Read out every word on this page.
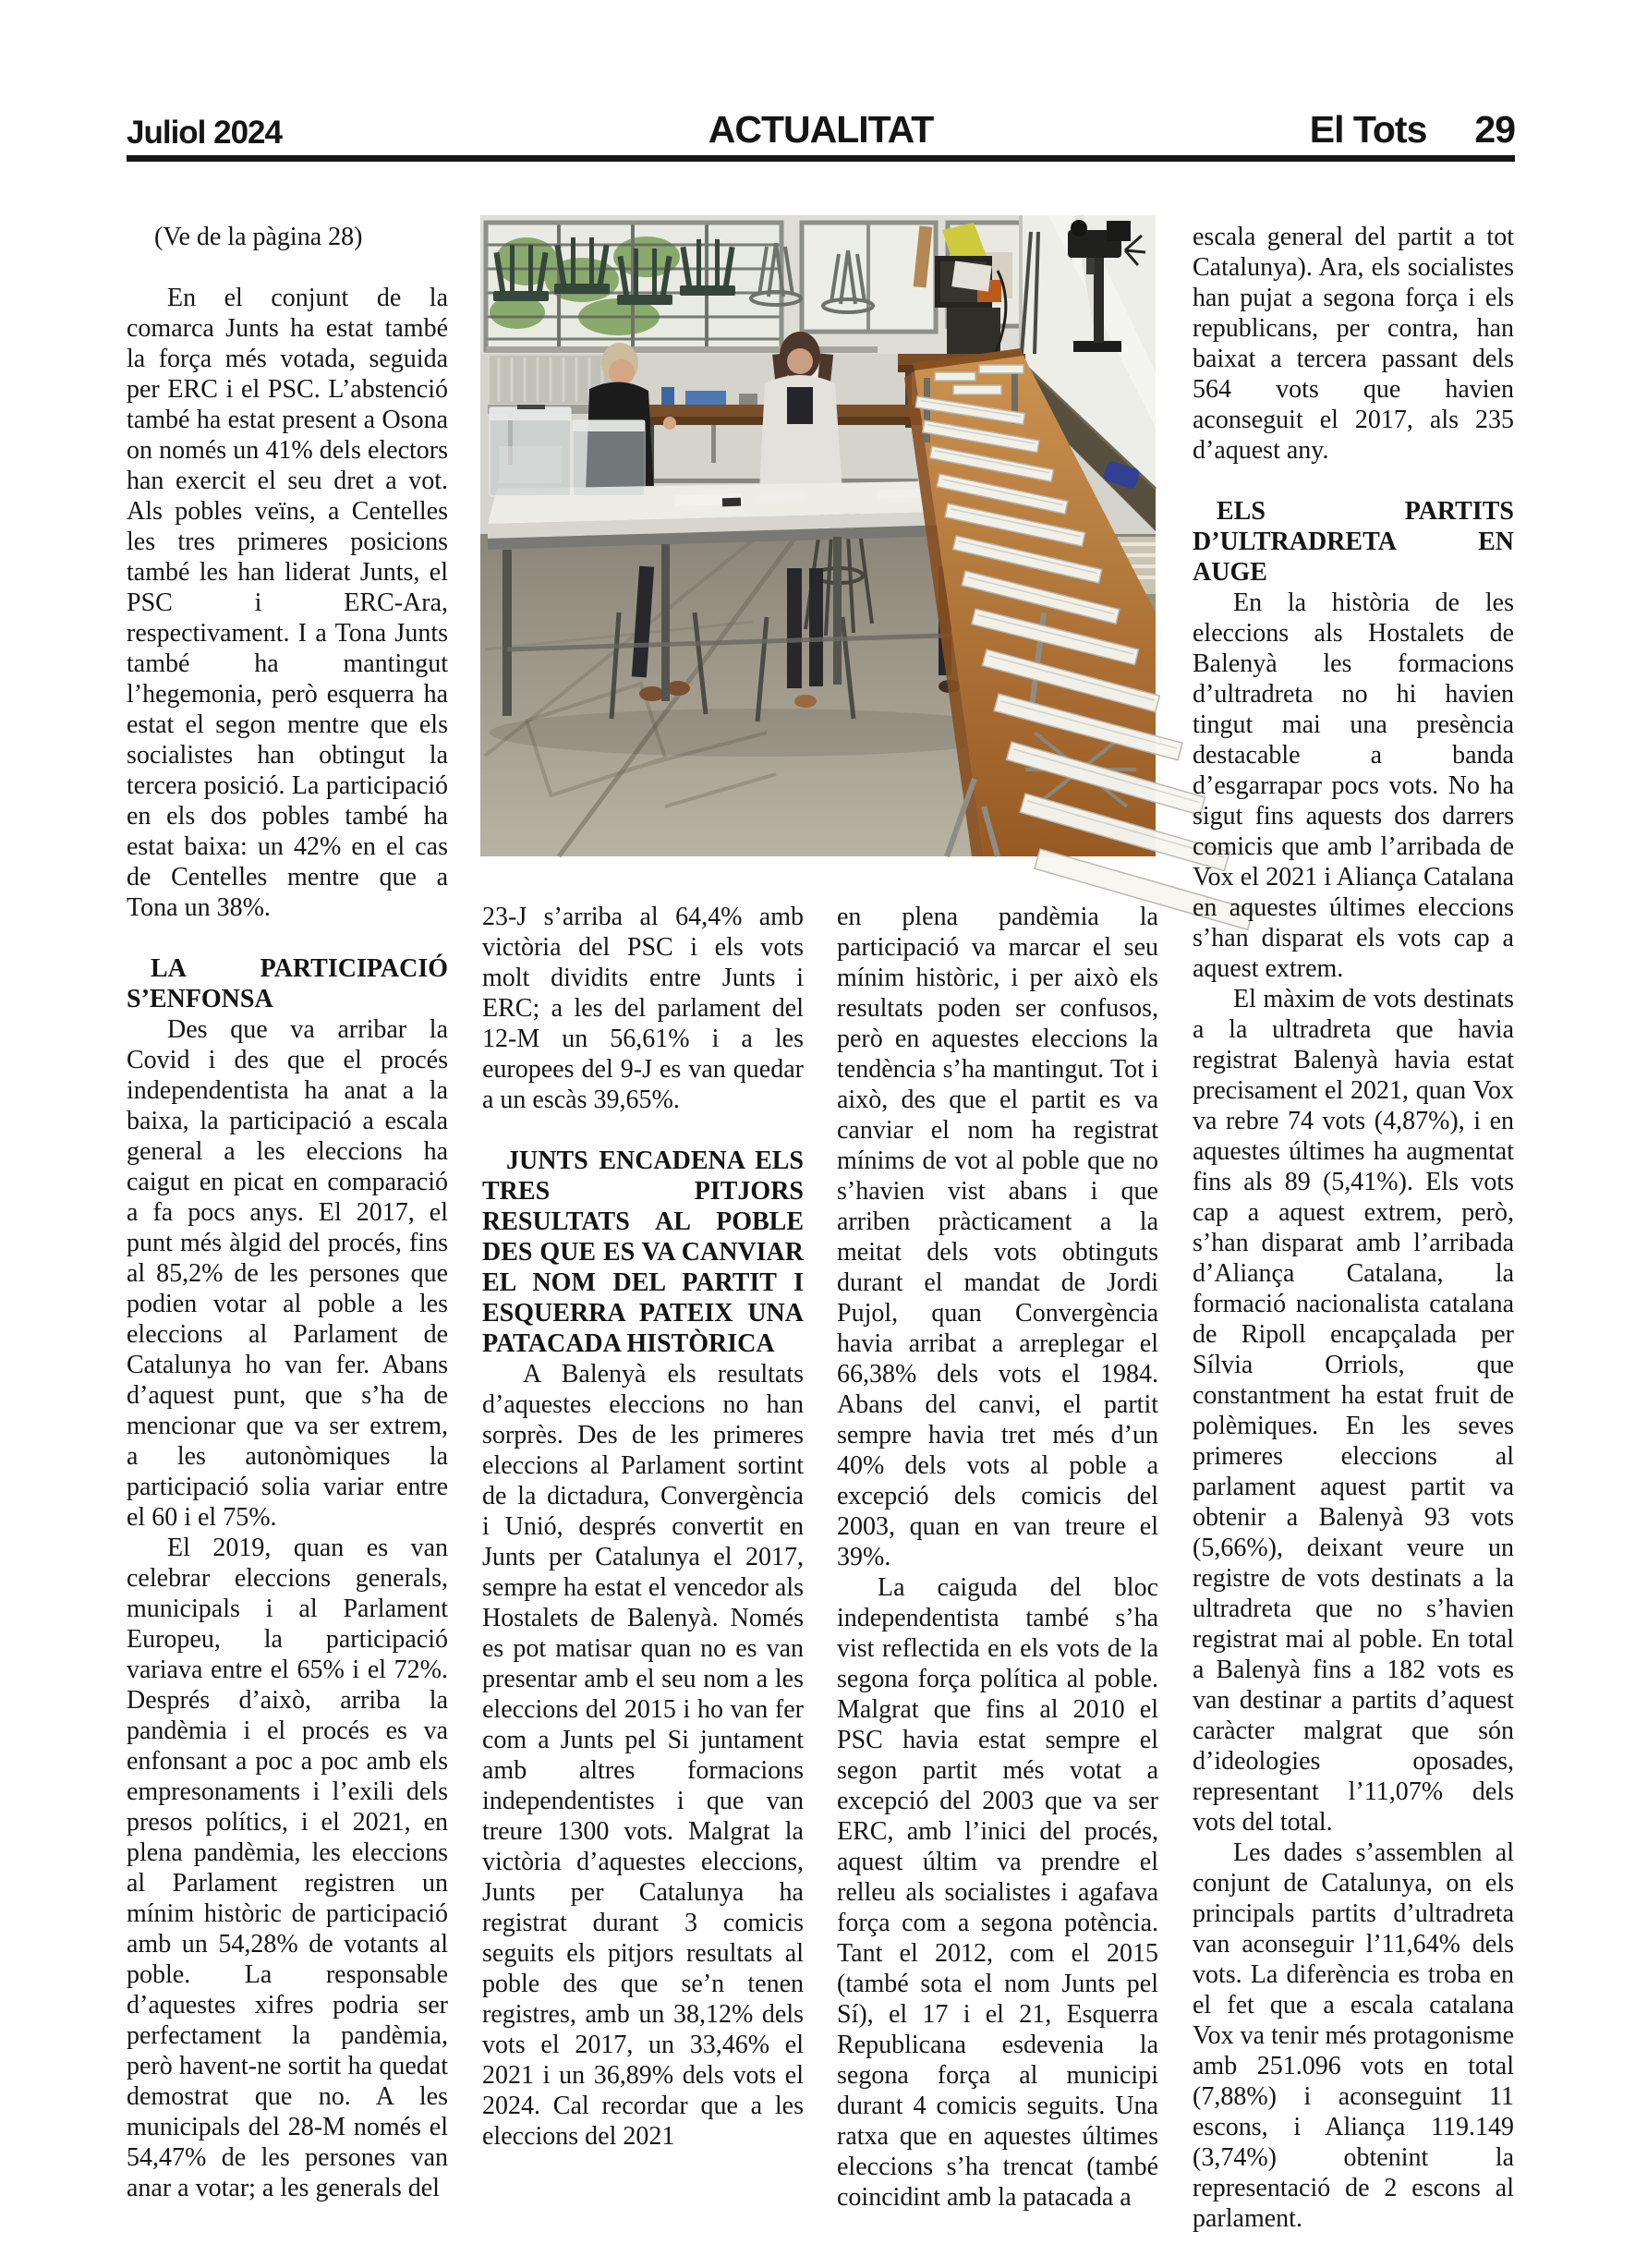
Juliol 2024	ACTUALITAT	El Tots 29

(Ve de la pàgina 28)

En el conjunt de la comarca Junts ha estat també la força més votada, seguida per ERC i el PSC. L’abstenció també ha estat present a Osona on només un 41% dels electors han exercit el seu dret a vot. Als pobles veïns, a Centelles les tres primeres posicions també les han liderat Junts, el PSC i ERC-Ara, respectivament. I a Tona Junts també ha mantingut l’hegemonia, però esquerra ha estat el segon mentre que els socialistes han obtingut la tercera posició. La participació en els dos pobles també ha estat baixa: un 42% en el cas de Centelles mentre que a Tona un 38%.

LA PARTICIPACIÓ S’ENFONSA

Des que va arribar la Covid i des que el procés independentista ha anat a la baixa, la participació a escala general a les eleccions ha caigut en picat en comparació a fa pocs anys. El 2017, el punt més àlgid del procés, fins al 85,2% de les persones que podien votar al poble a les eleccions al Parlament de Catalunya ho van fer. Abans d’aquest punt, que s’ha de mencionar que va ser extrem, a les autonòmiques la participació solia variar entre el 60 i el 75%.

El 2019, quan es van celebrar eleccions generals, municipals i al Parlament Europeu, la participació variava entre el 65% i el 72%. Després d’això, arriba la pandèmia i el procés es va enfonsant a poc a poc amb els empresonaments i l’exili dels presos polítics, i el 2021, en plena pandèmia, les eleccions al Parlament registren un mínim històric de participació amb un 54,28% de votants al poble. La responsable d’aquestes xifres podria ser perfectament la pandèmia, però havent-ne sortit ha quedat demostrat que no. A les municipals del 28-M només el 54,47% de les persones van anar a votar; a les generals del

23-J s’arriba al 64,4% amb victòria del PSC i els vots molt dividits entre Junts i ERC; a les del parlament del 12-M un 56,61% i a les europees del 9-J es van quedar a un escàs 39,65%.

JUNTS ENCADENA ELS TRES PITJORS RESULTATS AL POBLE DES QUE ES VA CANVIAR EL NOM DEL PARTIT I ESQUERRA PATEIX UNA PATACADA HISTÒRICA

A Balenyà els resultats d’aquestes eleccions no han sorprès. Des de les primeres eleccions al Parlament sortint de la dictadura, Convergència i Unió, després convertit en Junts per Catalunya el 2017, sempre ha estat el vencedor als Hostalets de Balenyà. Només es pot matisar quan no es van presentar amb el seu nom a les eleccions del 2015 i ho van fer com a Junts pel Si juntament amb altres formacions independentistes i que van treure 1300 vots. Malgrat la victòria d’aquestes eleccions, Junts per Catalunya ha registrat durant 3 comicis seguits els pitjors resultats al poble des que se’n tenen registres, amb un 38,12% dels vots el 2017, un 33,46% el 2021 i un 36,89% dels vots el 2024. Cal recordar que a les eleccions del 2021

en plena pandèmia la participació va marcar el seu mínim històric, i per això els resultats poden ser confusos, però en aquestes eleccions la tendència s’ha mantingut. Tot i això, des que el partit es va canviar el nom ha registrat mínims de vot al poble que no s’havien vist abans i que arriben pràcticament a la meitat dels vots obtinguts durant el mandat de Jordi Pujol, quan Convergència havia arribat a arreplegar el 66,38% dels vots el 1984. Abans del canvi, el partit sempre havia tret més d’un 40% dels vots al poble a excepció dels comicis del 2003, quan en van treure el 39%.

La caiguda del bloc independentista també s’ha vist reflectida en els vots de la segona força política al poble. Malgrat que fins al 2010 el PSC havia estat sempre el segon partit més votat a excepció del 2003 que va ser ERC, amb l’inici del procés, aquest últim va prendre el relleu als socialistes i agafava força com a segona potència. Tant el 2012, com el 2015 (també sota el nom Junts pel Sí), el 17 i el 21, Esquerra Republicana esdevenia la segona força al municipi durant 4 comicis seguits. Una ratxa que en aquestes últimes eleccions s’ha trencat (també coincidint amb la patacada a

escala general del partit a tot Catalunya). Ara, els socialistes han pujat a segona força i els republicans, per contra, han baixat a tercera passant dels 564 vots que havien aconseguit el 2017, als 235 d’aquest any.

ELS PARTITS D’ULTRADRETA EN AUGE

En la història de les eleccions als Hostalets de Balenyà les formacions d’ultradreta no hi havien tingut mai una presència destacable a banda d’esgarrapar pocs vots. No ha sigut fins aquests dos darrers comicis que amb l’arribada de Vox el 2021 i Aliança Catalana en aquestes últimes eleccions s’han disparat els vots cap a aquest extrem.

El màxim de vots destinats a la ultradreta que havia registrat Balenyà havia estat precisament el 2021, quan Vox va rebre 74 vots (4,87%), i en aquestes últimes ha augmentat fins als 89 (5,41%). Els vots cap a aquest extrem, però, s’han disparat amb l’arribada d’Aliança Catalana, la formació nacionalista catalana de Ripoll encapçalada per Sílvia Orriols, que constantment ha estat fruit de polèmiques. En les seves primeres eleccions al parlament aquest partit va obtenir a Balenyà 93 vots (5,66%), deixant veure un registre de vots destinats a la ultradreta que no s’havien registrat mai al poble. En total a Balenyà fins a 182 vots es van destinar a partits d’aquest caràcter malgrat que són d’ideologies oposades, representant l’11,07% dels vots del total.

Les dades s’assemblen al conjunt de Catalunya, on els principals partits d’ultradreta van aconseguir l’11,64% dels vots. La diferència es troba en el fet que a escala catalana Vox va tenir més protagonisme amb 251.096 vots en total (7,88%) i aconseguint 11 escons, i Aliança 119.149 (3,74%) obtenint la representació de 2 escons al parlament.
